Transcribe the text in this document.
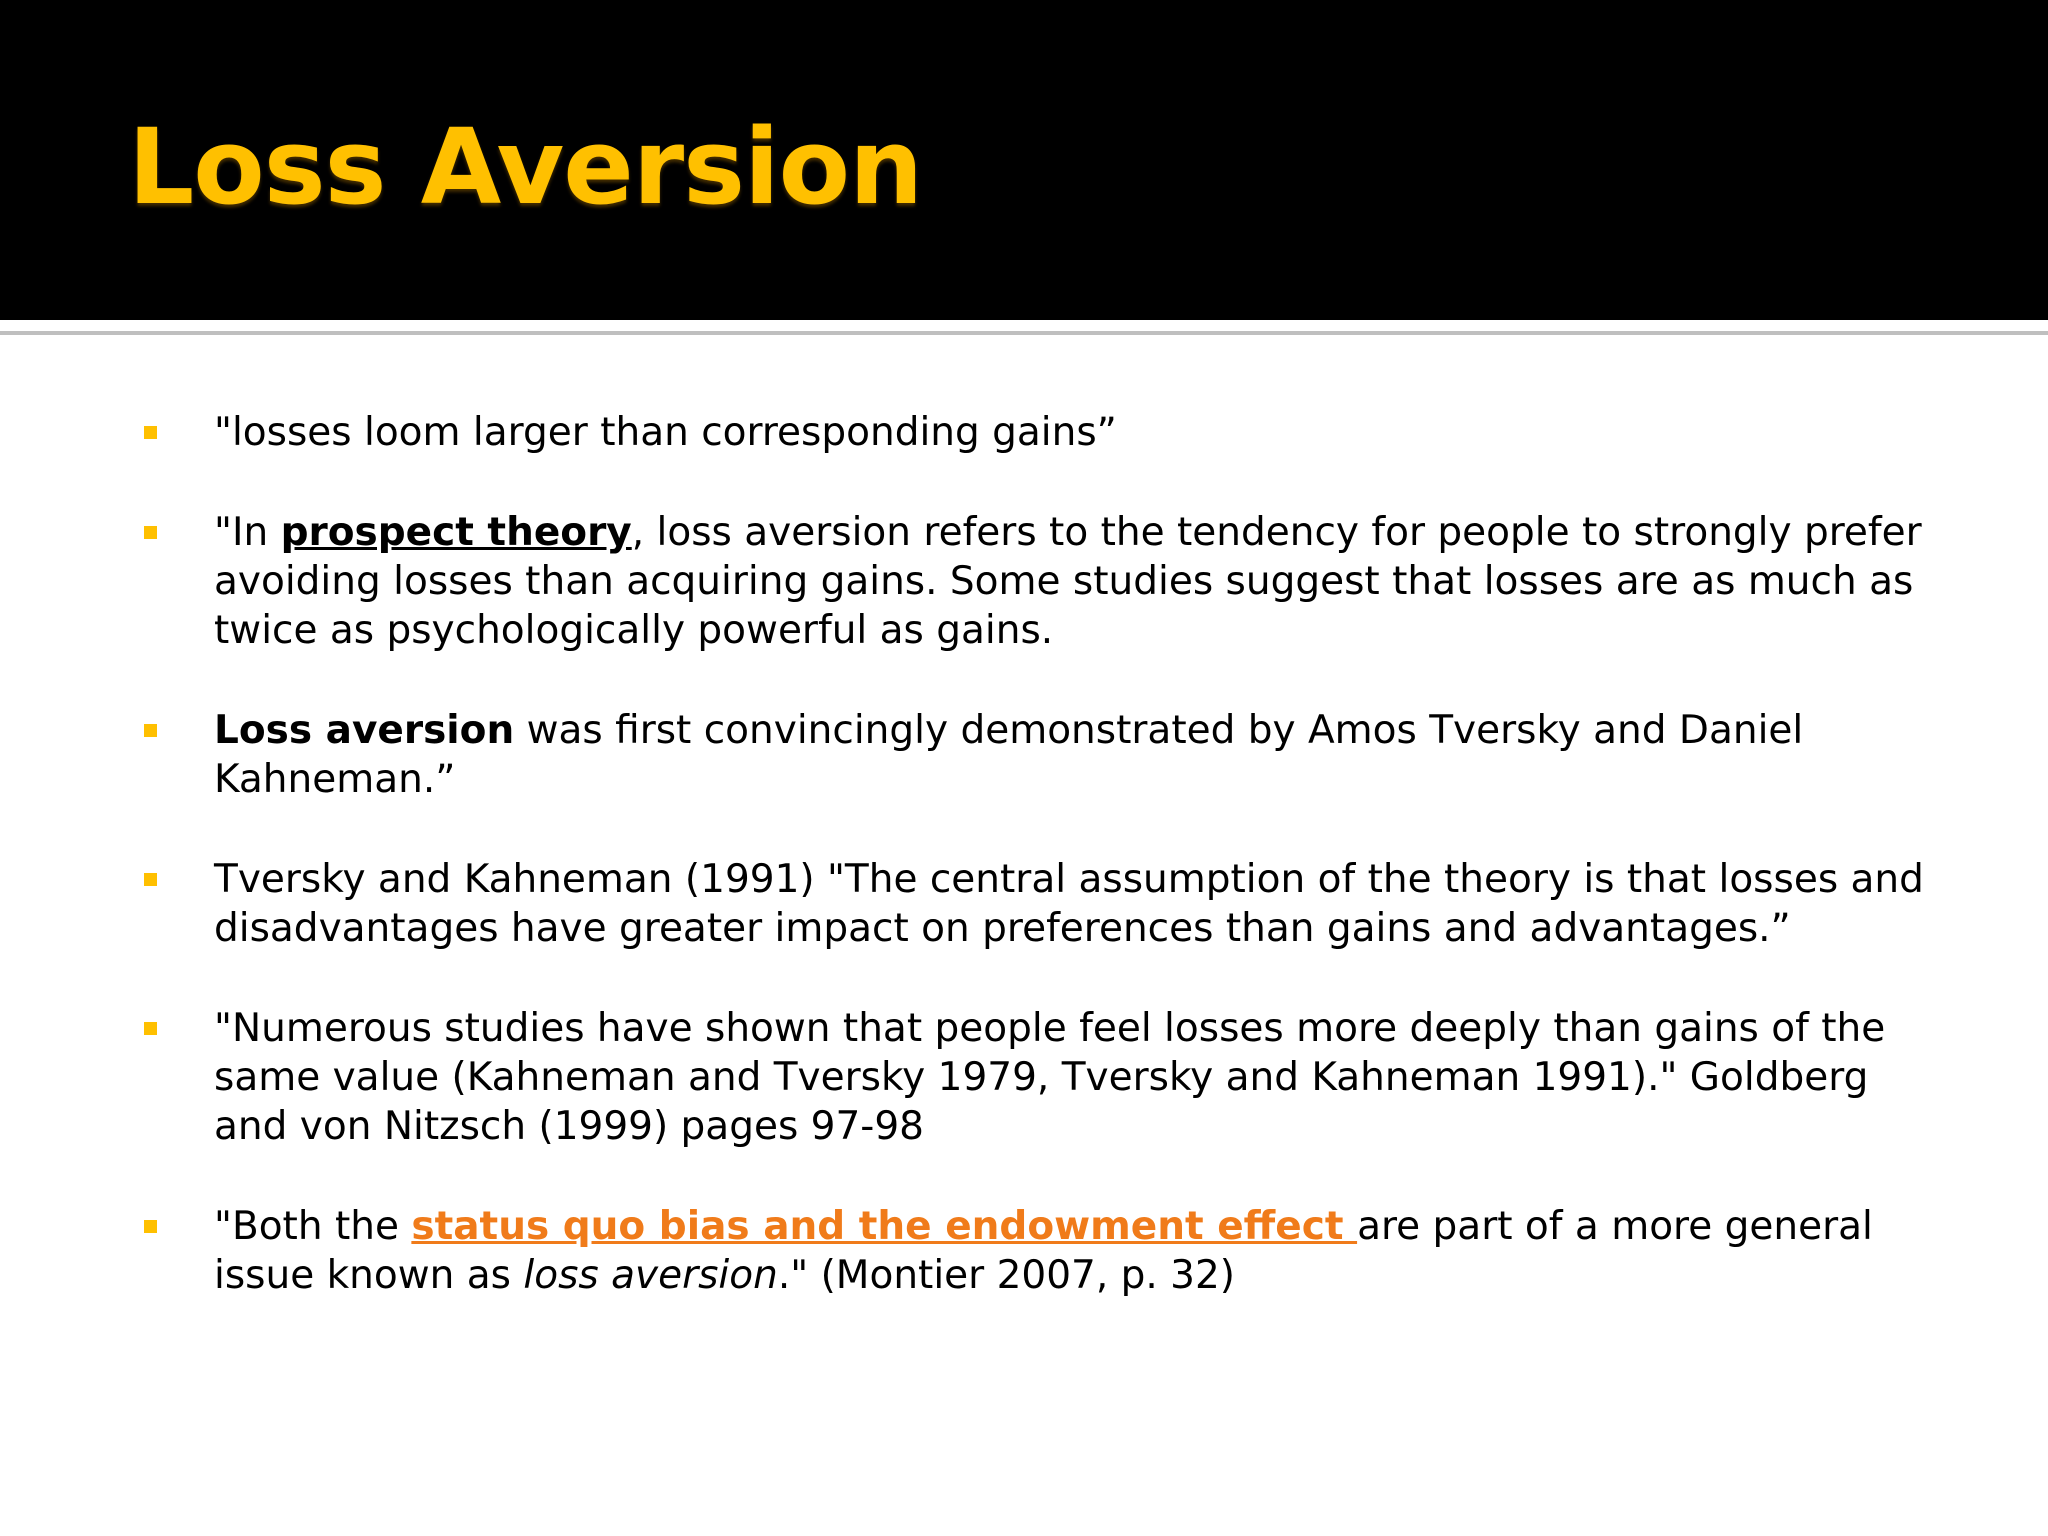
Loss Aversion
"losses loom larger than corresponding gains”
"In prospect theory, loss aversion refers to the tendency for people to strongly prefer avoiding losses than acquiring gains. Some studies suggest that losses are as much as twice as psychologically powerful as gains.
Loss aversion was first convincingly demonstrated by Amos Tversky and Daniel Kahneman.”
Tversky and Kahneman (1991) "The central assumption of the theory is that losses and disadvantages have greater impact on preferences than gains and advantages.”
"Numerous studies have shown that people feel losses more deeply than gains of the same value (Kahneman and Tversky 1979, Tversky and Kahneman 1991)." Goldberg and von Nitzsch (1999) pages 97-98
"Both the status quo bias and the endowment effect are part of a more general issue known as loss aversion." (Montier 2007, p. 32)
